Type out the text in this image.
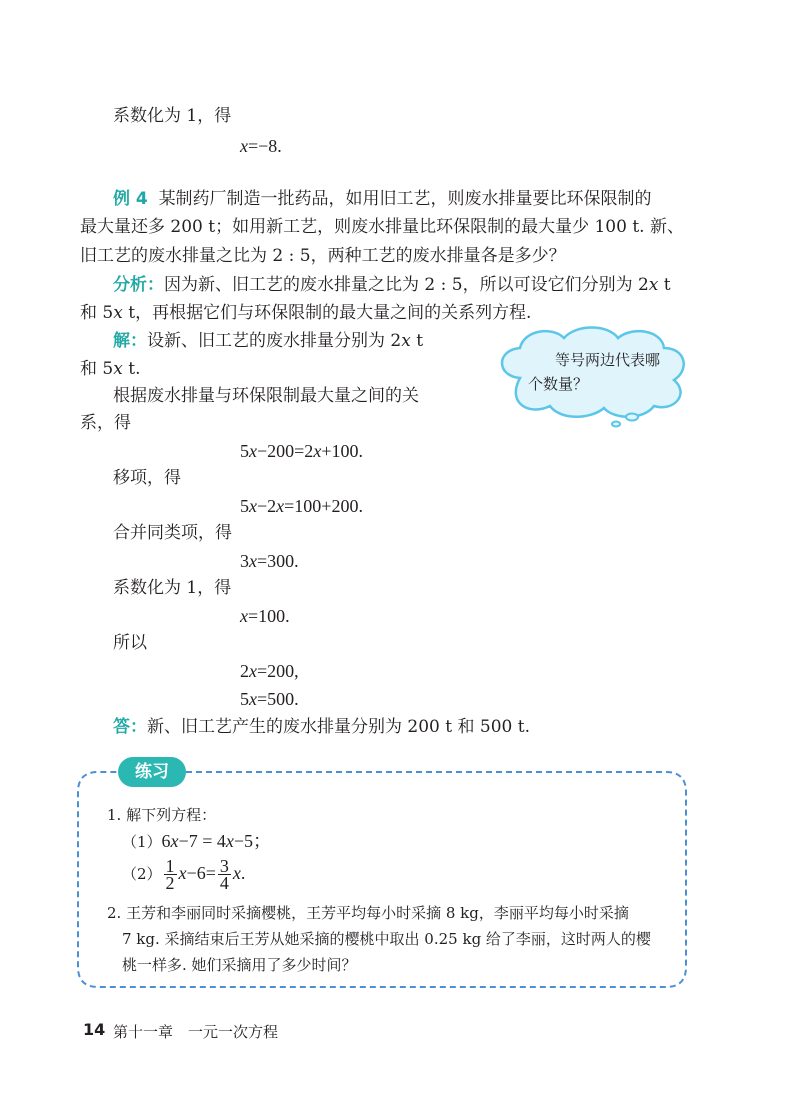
系数化为 1，得
x=−8.
例 4 某制药厂制造一批药品，如用旧工艺，则废水排量要比环保限制的
最大量还多 200 t；如用新工艺，则废水排量比环保限制的最大量少 100 t. 新、
旧工艺的废水排量之比为 2 : 5，两种工艺的废水排量各是多少？
分析：因为新、旧工艺的废水排量之比为 2 : 5，所以可设它们分别为 2x t
和 5x t，再根据它们与环保限制的最大量之间的关系列方程.
解：设新、旧工艺的废水排量分别为 2x t
和 5x t.
根据废水排量与环保限制最大量之间的关
系，得
等号两边代表哪
个数量？
5x−200=2x+100.
移项，得
5x−2x=100+200.
合并同类项，得
3x=300.
系数化为 1，得
x=100.
所以
2x=200,
5x=500.
答：新、旧工艺产生的废水排量分别为 200 t 和 500 t.
练习
1. 解下列方程：
（1）6x−7 = 4x−5；
$(2) \frac{1}{2} x-6= \frac{3}{4} x$.
2. 王芳和李丽同时采摘樱桃，王芳平均每小时采摘 8 kg，李丽平均每小时采摘
7 kg. 采摘结束后王芳从她采摘的樱桃中取出 0.25 kg 给了李丽，这时两人的樱
桃一样多. 她们采摘用了多少时间？
14 第十一章　一元一次方程
